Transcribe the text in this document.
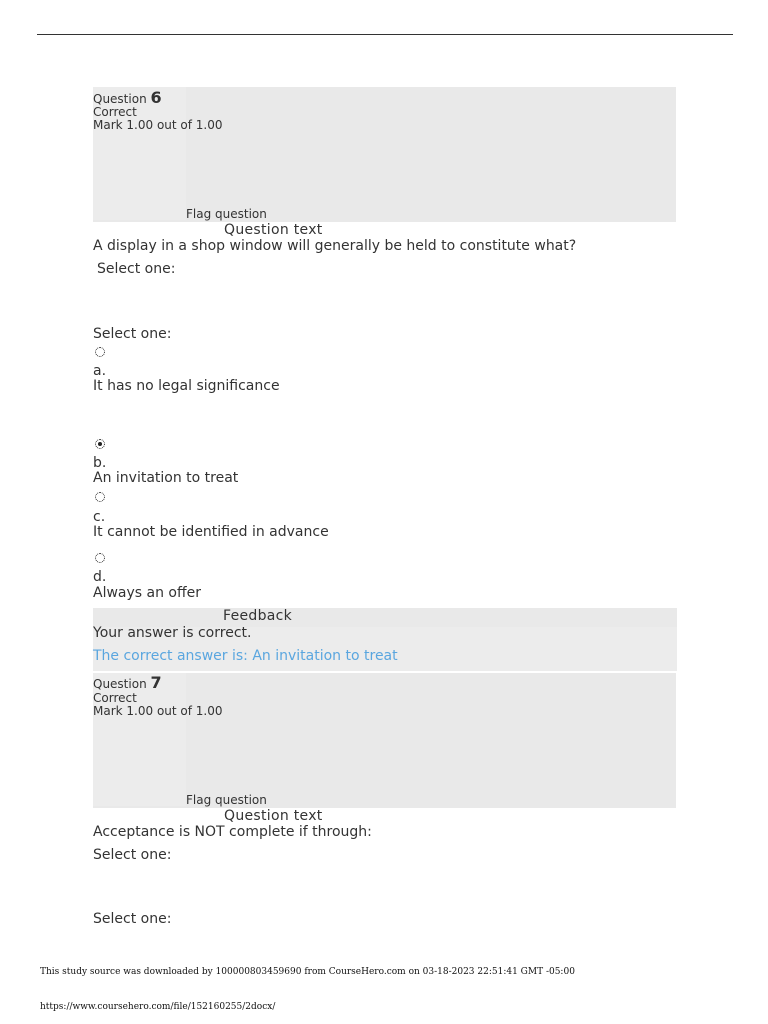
Question 6
Correct
Mark 1.00 out of 1.00
Flag question
Question text
A display in a shop window will generally be held to constitute what?
Select one:
Select one:
a.
It has no legal significance
b.
An invitation to treat
c.
It cannot be identified in advance
d.
Always an offer
Feedback
Your answer is correct.
The correct answer is: An invitation to treat
Question 7
Correct
Mark 1.00 out of 1.00
Flag question
Question text
Acceptance is NOT complete if through:
Select one:
Select one:
This study source was downloaded by 100000803459690 from CourseHero.com on 03-18-2023 22:51:41 GMT -05:00
https://www.coursehero.com/file/152160255/2docx/
